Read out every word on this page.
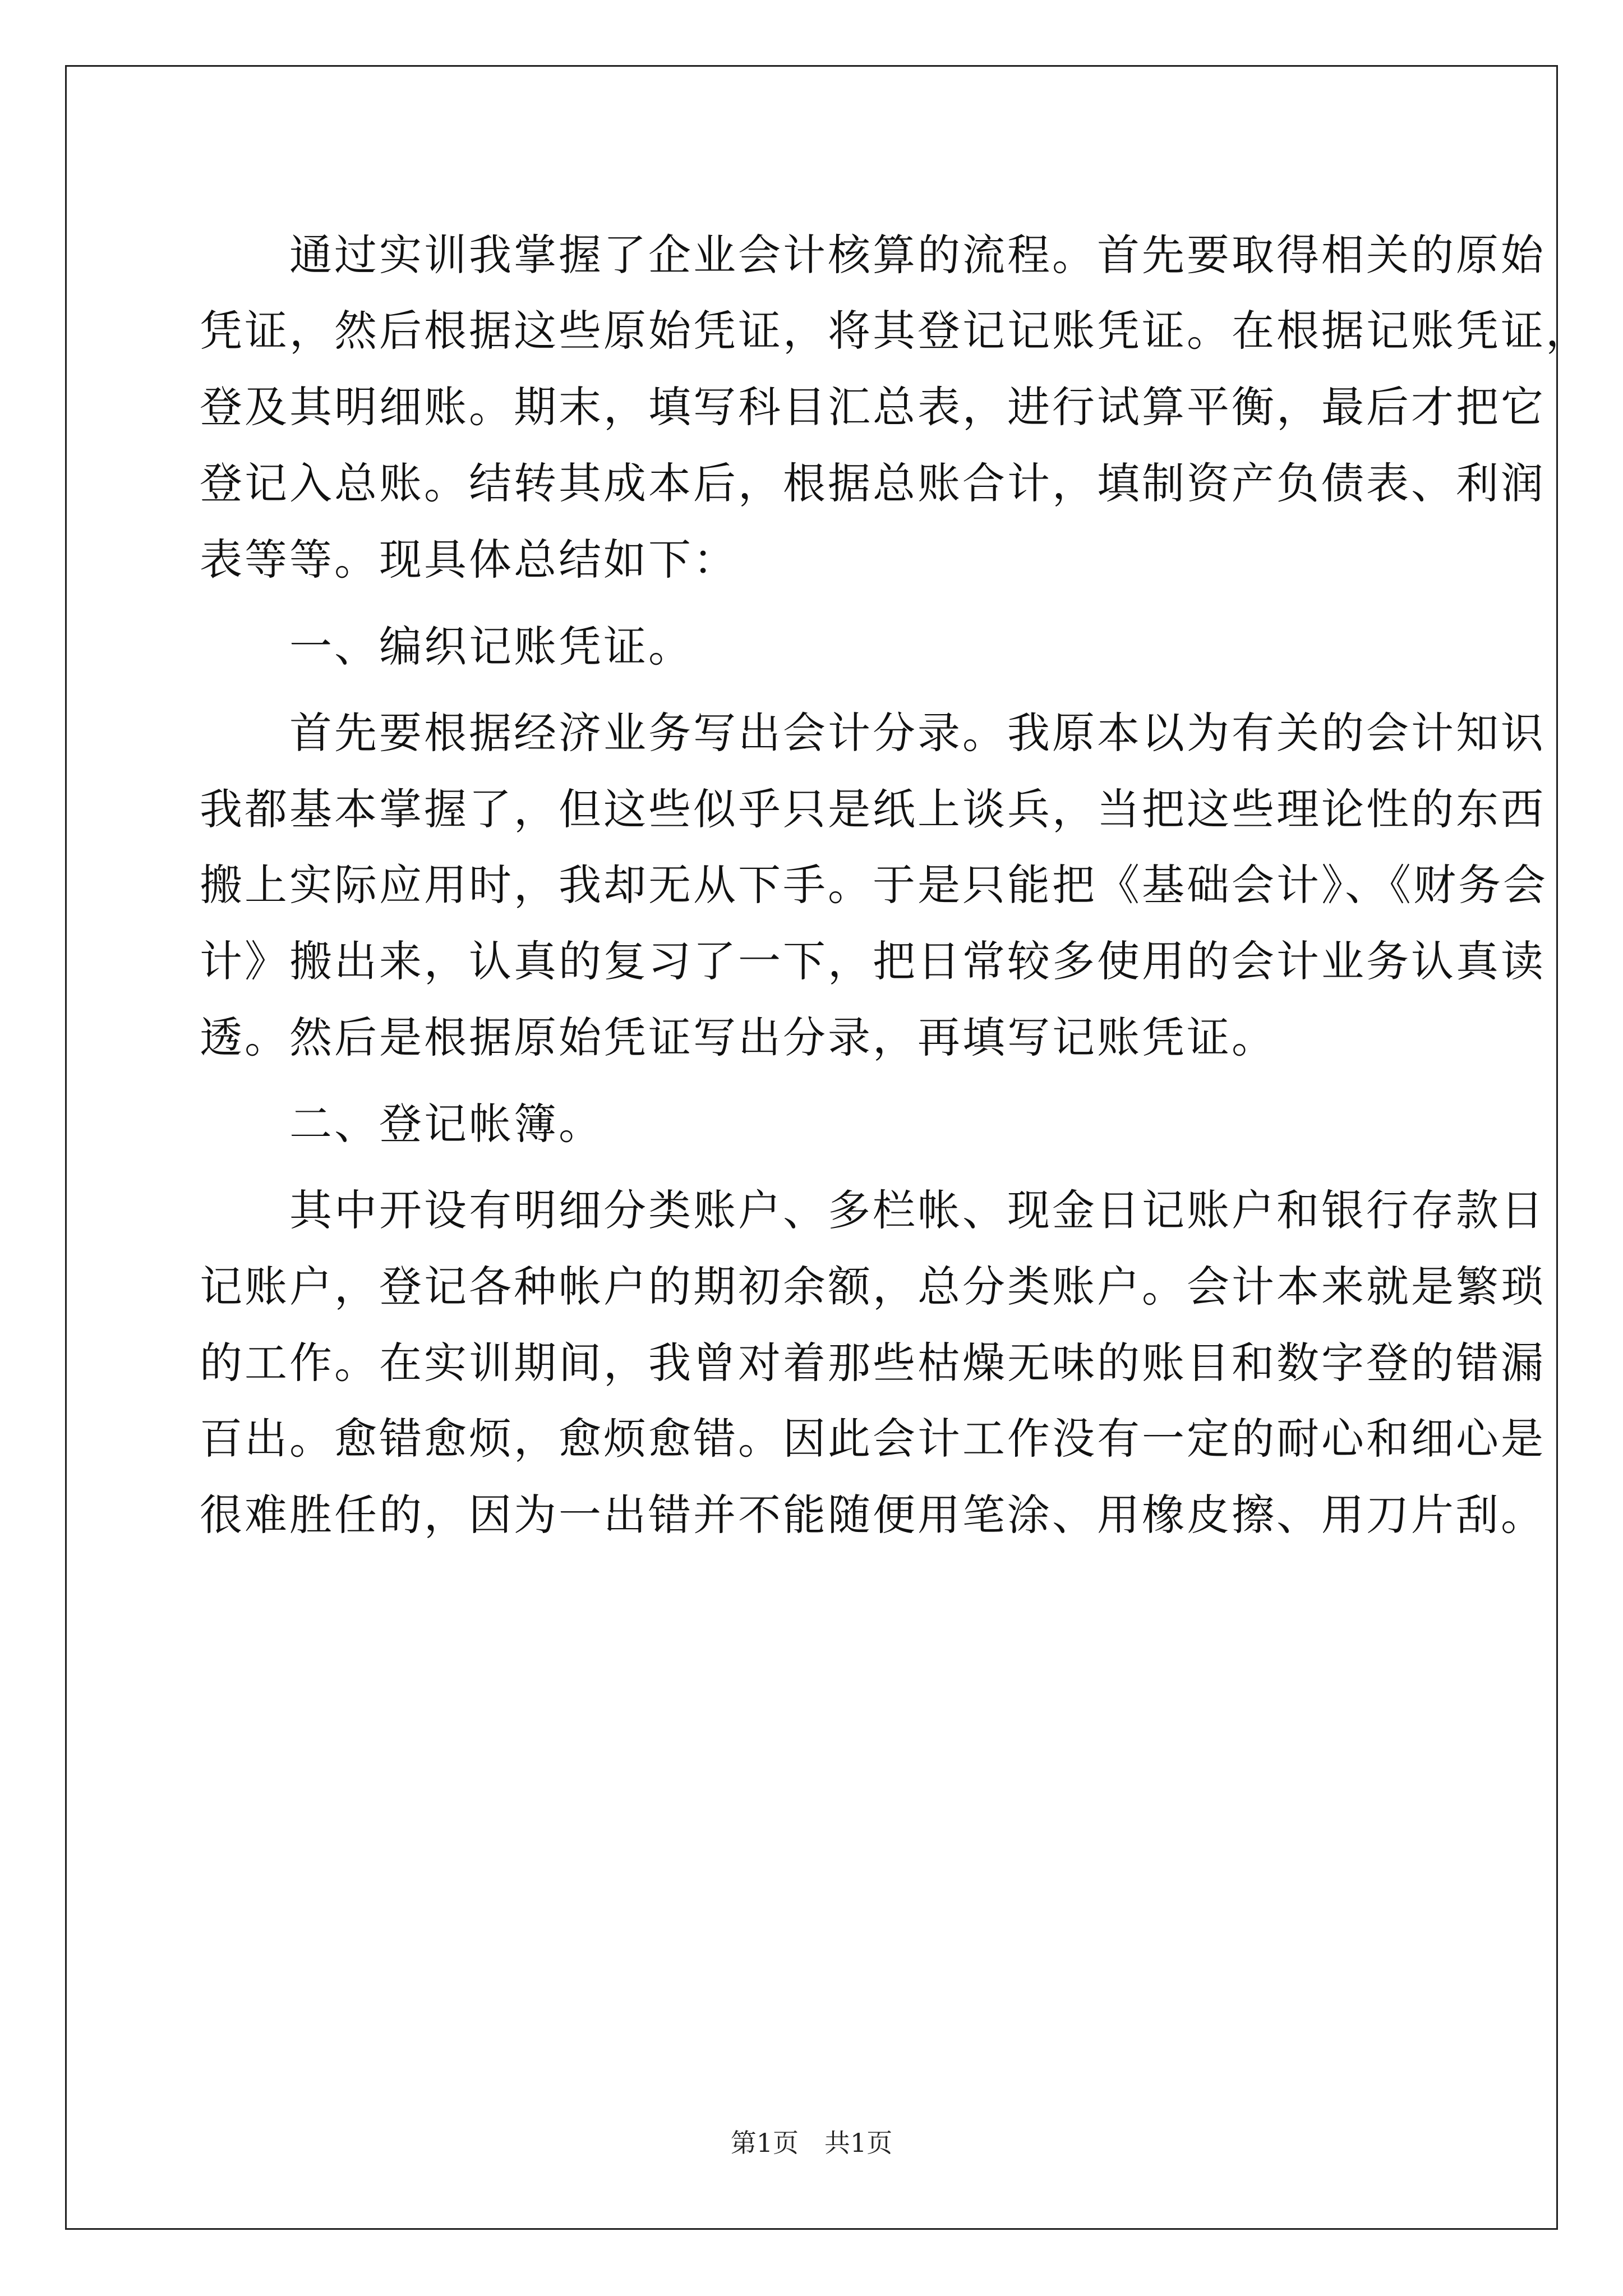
　　通过实训我掌握了企业会计核算的流程。首先要取得相关的原始
凭证，然后根据这些原始凭证，将其登记记账凭证。在根据记账凭证，
登及其明细账。期末，填写科目汇总表，进行试算平衡，最后才把它
登记入总账。结转其成本后，根据总账合计，填制资产负债表、利润
表等等。现具体总结如下：
　　一、编织记账凭证。
　　首先要根据经济业务写出会计分录。我原本以为有关的会计知识
我都基本掌握了，但这些似乎只是纸上谈兵，当把这些理论性的东西
搬上实际应用时，我却无从下手。于是只能把《基础会计》、《财务会
计》搬出来，认真的复习了一下，把日常较多使用的会计业务认真读
透。然后是根据原始凭证写出分录，再填写记账凭证。
　　二、登记帐簿。
　　其中开设有明细分类账户、多栏帐、现金日记账户和银行存款日
记账户，登记各种帐户的期初余额，总分类账户。会计本来就是繁琐
的工作。在实训期间，我曾对着那些枯燥无味的账目和数字登的错漏
百出。愈错愈烦，愈烦愈错。因此会计工作没有一定的耐心和细心是
很难胜任的，因为一出错并不能随便用笔涂、用橡皮擦、用刀片刮。
第1页 共1页
